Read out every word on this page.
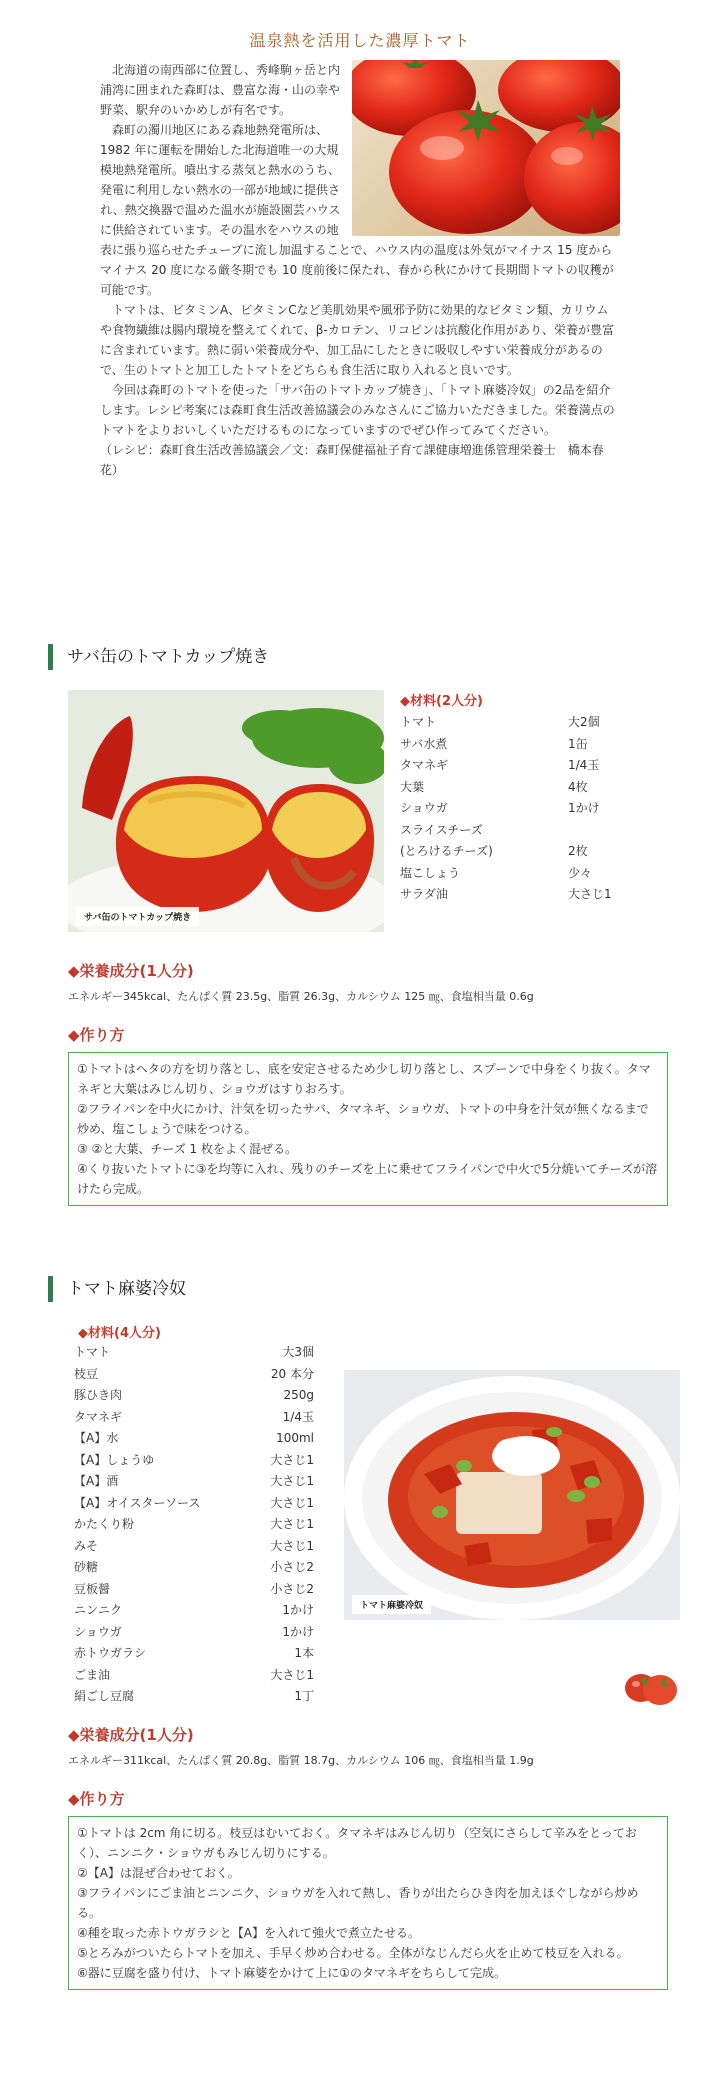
温泉熱を活用した濃厚トマト

北海道の南西部に位置し、秀峰駒ヶ岳と内浦湾に囲まれた森町は、豊富な海・山の幸や野菜、駅弁のいかめしが有名です。

森町の濁川地区にある森地熱発電所は、1982 年に運転を開始した北海道唯一の大規模地熱発電所。噴出する蒸気と熱水のうち、発電に利用しない熱水の一部が地域に提供され、熱交換器で温めた温水が施設園芸ハウスに供給されています。その温水をハウスの地表に張り巡らせたチューブに流し加温することで、ハウス内の温度は外気がマイナス 15 度からマイナス 20 度になる厳冬期でも 10 度前後に保たれ、春から秋にかけて長期間トマトの収穫が可能です。

トマトは、ビタミンA、ビタミンCなど美肌効果や風邪予防に効果的なビタミン類、カリウムや食物繊維は腸内環境を整えてくれて、β-カロテン、リコピンは抗酸化作用があり、栄養が豊富に含まれています。熱に弱い栄養成分や、加工品にしたときに吸収しやすい栄養成分があるので、生のトマトと加工したトマトをどちらも食生活に取り入れると良いです。

今回は森町のトマトを使った「サバ缶のトマトカップ焼き」、「トマト麻婆冷奴」の2品を紹介します。レシピ考案には森町食生活改善協議会のみなさんにご協力いただきました。栄養満点のトマトをよりおいしくいただけるものになっていますのでぜひ作ってみてください。

（レシピ：森町食生活改善協議会／文：森町保健福祉子育て課健康増進係管理栄養士　橋本春花）

サバ缶のトマトカップ焼き
サバ缶のトマトカップ焼き
◆材料(2人分)
トマト	大2個
サバ水煮	1缶
タマネギ	1/4玉
大葉	4枚
ショウガ	1かけ
スライスチーズ
(とろけるチーズ)	2枚
塩こしょう	少々
サラダ油	大さじ1
◆栄養成分(1人分)
エネルギー345kcal、たんぱく質 23.5g、脂質 26.3g、カルシウム 125 ㎎、食塩相当量 0.6g
◆作り方
①トマトはヘタの方を切り落とし、底を安定させるため少し切り落とし、スプーンで中身をくり抜く。タマネギと大葉はみじん切り、ショウガはすりおろす。
②フライパンを中火にかけ、汁気を切ったサバ、タマネギ、ショウガ、トマトの中身を汁気が無くなるまで炒め、塩こしょうで味をつける。
③ ②と大葉、チーズ 1 枚をよく混ぜる。
④くり抜いたトマトに③を均等に入れ、残りのチーズを上に乗せてフライパンで中火で5分焼いてチーズが溶けたら完成。
トマト麻婆冷奴
◆材料(4人分)
トマト	大3個
枝豆	20 本分
豚ひき肉	250g
タマネギ	1/4玉
【A】水	100ml
【A】しょうゆ	大さじ1
【A】酒	大さじ1
【A】オイスターソース	大さじ1
かたくり粉	大さじ1
みそ	大さじ1
砂糖	小さじ2
豆板醤	小さじ2
ニンニク	1かけ
ショウガ	1かけ
赤トウガラシ	1本
ごま油	大さじ1
絹ごし豆腐	1丁
トマト麻婆冷奴
◆栄養成分(1人分)
エネルギー311kcal、たんぱく質 20.8g、脂質 18.7g、カルシウム 106 ㎎、食塩相当量 1.9g
◆作り方
①トマトは 2cm 角に切る。枝豆はむいておく。タマネギはみじん切り（空気にさらして辛みをとっておく）、ニンニク・ショウガもみじん切りにする。
②【A】は混ぜ合わせておく。
③フライパンにごま油とニンニク、ショウガを入れて熱し、香りが出たらひき肉を加えほぐしながら炒める。
④種を取った赤トウガラシと【A】を入れて強火で煮立たせる。
⑤とろみがついたらトマトを加え、手早く炒め合わせる。全体がなじんだら火を止めて枝豆を入れる。
⑥器に豆腐を盛り付け、トマト麻婆をかけて上に①のタマネギをちらして完成。
